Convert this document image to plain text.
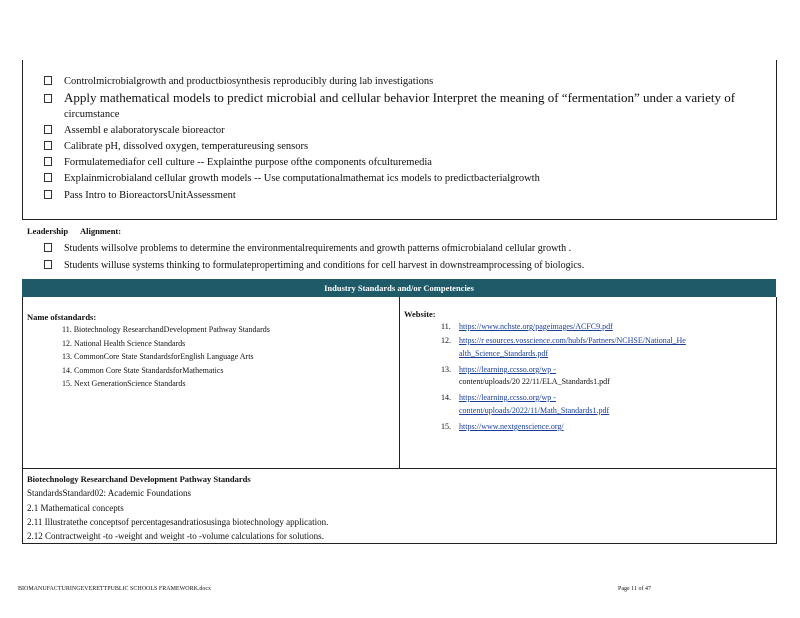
Controlmicrobialgrowth and productbiosynthesis reproducibly during lab investigations
Apply mathematical models to predict microbial and cellular behavior Interpret the meaning of “fermentation” under a variety of
circumstance
Assembl e alaboratoryscale bioreactor
Calibrate pH, dissolved oxygen, temperatureusing sensors
Formulatemediafor cell culture -- Explainthe purpose ofthe components ofculturemedia
Explainmicrobialand cellular growth models -- Use computationalmathemat ics models to predictbacterialgrowth
Pass Intro to BioreactorsUnitAssessment
Leadership Alignment:
Students willsolve problems to determine the environmentalrequirements and growth patterns ofmicrobialand cellular growth .
Students willuse systems thinking to formulatepropertiming and conditions for cell harvest in downstreamprocessing of biologics.
Industry Standards and/or Competencies
Name ofstandards:
11. Biotechnology ResearchandDevelopment Pathway Standards
12. National Health Science Standards
13. CommonCore State StandardsforEnglish Language Arts
14. Common Core State StandardsforMathematics
15. Next GenerationScience Standards
Website:
11. https://www.nchste.org/pageimages/ACFC9.pdf
12. https://r esources.vosscience.com/hubfs/Partners/NCHSE/National_He
alth_Science_Standards.pdf
13. https://learning.ccsso.org/wp -
content/uploads/20 22/11/ELA_Standards1.pdf
14. https://learning.ccsso.org/wp -
content/uploads/2022/11/Math_Standards1.pdf
15. https://www.nextgenscience.org/
Biotechnology Researchand Development Pathway Standards
StandardsStandard02: Academic Foundations
2.1 Mathematical concepts
2.11 Illustratethe conceptsof percentagesandratiosusinga biotechnology application.
2.12 Contractweight -to -weight and weight -to -volume calculations for solutions.
BIOMANUFACTURINGEVERETTPUBLIC SCHOOLS FRAMEWORK.docx	Page 11 of 47
